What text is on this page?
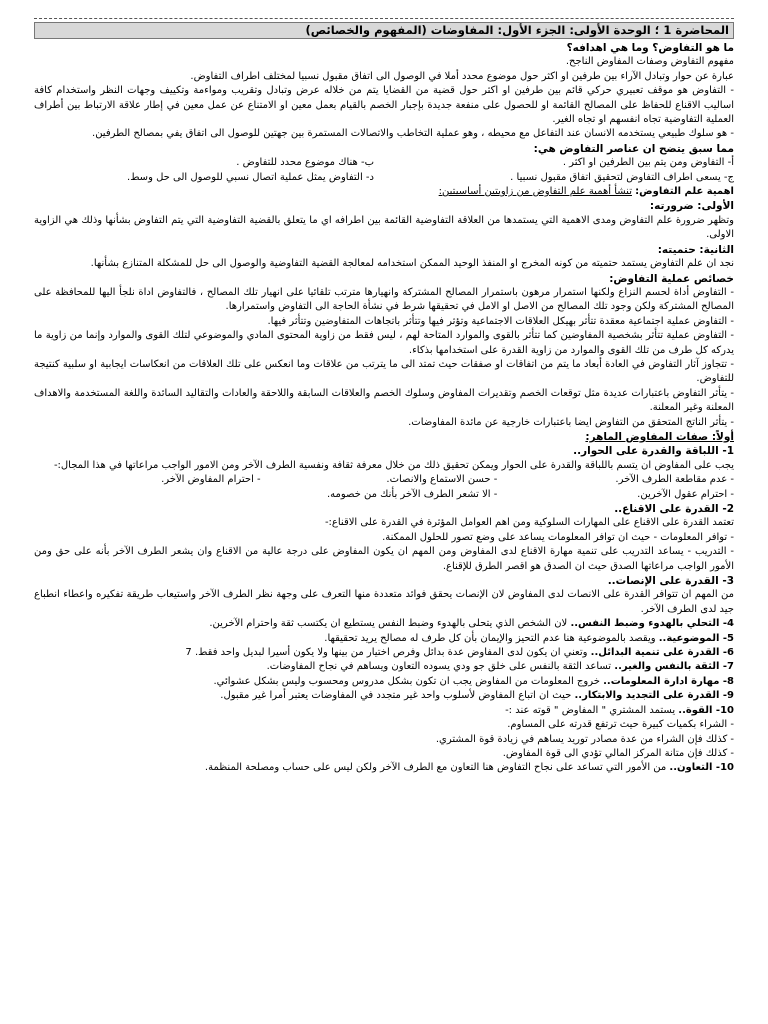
المحاضرة 1 ؛ الوحدة الأولى: الجزء الأول: المفاوضات (المفهوم والخصائص)
ما هو التفاوض؟ وما هي اهدافه؟

مفهوم التفاوض وصفات المفاوض الناجح.

عبارة عن حوار وتبادل الآراء بين طرفين او اكثر حول موضوع محدد أملا في الوصول الى اتفاق مقبول نسبيا لمختلف اطراف التفاوض.

- التفاوض هو موقف تعبيري حركي قائم بين طرفين او اكثر حول قضية من القضايا يتم من خلاله عرض وتبادل وتقريب ومواءمة وتكييف وجهات النظر واستخدام كافة اساليب الاقناع للحفاظ على المصالح القائمة او للحصول على منفعة جديدة بإجبار الخصم بالقيام بعمل معين او الامتناع عن عمل معين في إطار علاقة الارتباط بين أطراف العملية التفاوضية تجاه انفسهم او تجاه الغير.

- هو سلوك طبيعي يستخدمه الانسان عند التفاعل مع محيطه ، وهو عملية التخاطب والاتصالات المستمرة بين جهتين للوصول الى اتفاق يفي بمصالح الطرفين.

مما سبق يتضح ان عناصر التفاوض هي:
أ- التفاوض ومن يتم بين الطرفين او اكثر .
ب- هناك موضوع محدد للتفاوض .
ج- يسعى اطراف التفاوض لتحقيق اتفاق مقبول نسبيا .
د- التفاوض يمثل عملية اتصال نسبي للوصول الى حل وسط.

اهمية علم التفاوض: تنشأ أهمية علم التفاوض من زاويتين أساسيتين:

الأولى: ضرورته:

وتظهر ضرورة علم التفاوض ومدى الاهمية التي يستمدها من العلاقة التفاوضية القائمة بين اطرافه اي ما يتعلق بالقضية التفاوضية التي يتم التفاوض بشأنها وذلك هي الزاوية الاولى.

الثانية: حتميته:

نجد ان علم التفاوض يستمد حتميته من كونه المخرج او المنفذ الوحيد الممكن استخدامه لمعالجة القضية التفاوضية والوصول الى حل للمشكلة المتنازع بشأنها.

خصائص عملية التفاوض:

- التفاوض أداة لحسم النزاع ولكنها استمرار مرهون باستمرار المصالح المشتركة وانهيارها مترتب تلقائيا على انهيار تلك المصالح ، فالتفاوض اداة نلجأ اليها للمحافظة على المصالح المشتركة ولكن وجود تلك المصالح من الاصل او الامل في تحقيقها شرط في نشأة الحاجة الى التفاوض واستمرارها.

- التفاوض عملية اجتماعية معقدة تتأثر بهيكل العلاقات الاجتماعية وتؤثر فيها وتتأثر باتجاهات المتفاوضين وتتأثر فيها.

- التفاوض عملية تتأثر بشخصية المفاوضين كما تتأثر بالقوى والموارد المتاحة لهم ، ليس فقط من زاوية المحتوى المادي والموضوعي لتلك القوى والموارد وإنما من زاوية ما يدركه كل طرف من تلك القوى والموارد من زاوية القدرة على استخدامها بذكاء.

- تتجاوز آثار التفاوض في العادة أبعاد ما يتم من اتفاقات او صفقات حيث تمتد الى ما يترتب من علاقات وما انعكس على تلك العلاقات من انعكاسات ايجابية او سلبية كنتيجة للتفاوض.

- يتأثر التفاوض باعتبارات عديدة مثل توقعات الخصم وتقديرات المفاوض وسلوك الخصم والعلاقات السابقة واللاحقة والعادات والتقاليد السائدة واللغة المستخدمة والاهداف المعلنة وغير المعلنة.

- يتأثر الناتج المتحقق من التفاوض ايضا باعتبارات خارجية عن مائدة المفاوضات.

أولاً: صفات المفاوض الماهر:
1- اللباقة والقدرة على الحوار..

يجب على المفاوض ان يتسم باللباقة والقدرة على الحوار ويمكن تحقيق ذلك من خلال معرفة ثقافة ونفسية الطرف الآخر ومن الامور الواجب مراعاتها في هذا المجال:-

- عدم مقاطعة الطرف الآخر.
- حسن الاستماع والانصات.
- احترام المفاوض الآخر.
- احترام عقول الآخرين.
- الا تشعر الطرف الآخر بأنك من خصومه.
2- القدرة على الاقناع..

تعتمد القدرة على الاقناع على المهارات السلوكية ومن اهم العوامل المؤثرة في القدرة على الاقناع:-

- توافر المعلومات - حيث ان توافر المعلومات يساعد على وضع تصور للحلول الممكنة.

- التدريب - يساعد التدريب على تنمية مهارة الاقناع لدى المفاوض ومن المهم ان يكون المفاوض على درجة عالية من الاقناع وان يشعر الطرف الآخر بأنه على حق ومن الأمور الواجب مراعاتها الصدق حيث ان الصدق هو اقصر الطرق للإقناع.

3- القدرة على الإنصات..

من المهم ان تتوافر القدرة على الانصات لدى المفاوض لان الإنصات يحقق فوائد متعددة منها التعرف على وجهة نظر الطرف الآخر واستيعاب طريقة تفكيره واعطاء انطباع جيد لدى الطرف الآخر.

4- التحلي بالهدوء وضبط النفس.. لان الشخص الذي يتحلى بالهدوء وضبط النفس يستطيع ان يكتسب ثقة واحترام الآخرين.

5- الموضوعية.. ويقصد بالموضوعية هنا عدم التحيز والإيمان بأن كل طرف له مصالح يريد تحقيقها.

6- القدرة على تنمية البدائل.. وتعني ان يكون لدى المفاوض عدة بدائل وفرص اختيار من بينها ولا يكون أسيرا لبديل واحد فقط. 7

7- الثقة بالنفس والغير.. تساعد الثقة بالنفس على خلق جو ودي يسوده التعاون ويساهم في نجاح المفاوضات.

8- مهارة ادارة المعلومات.. خروج المعلومات من المفاوض يجب ان تكون بشكل مدروس ومحسوب وليس بشكل عشوائي.

9- القدرة على التجديد والابتكار.. حيث ان اتباع المفاوض لأسلوب واحد غير متجدد في المفاوضات يعتبر أمرا غير مقبول.

10- القوة.. يستمد المشتري " المفاوض " قوته عند :-

- الشراء بكميات كبيرة حيث ترتفع قدرته على المساوم.

- كذلك فإن الشراء من عدة مصادر توريد يساهم في زيادة قوة المشتري.

- كذلك فإن متانة المركز المالي تؤدي الى قوة المفاوض.

10- التعاون.. من الأمور التي تساعد على نجاح التفاوض هنا التعاون مع الطرف الآخر ولكن ليس على حساب ومصلحة المنظمة.
